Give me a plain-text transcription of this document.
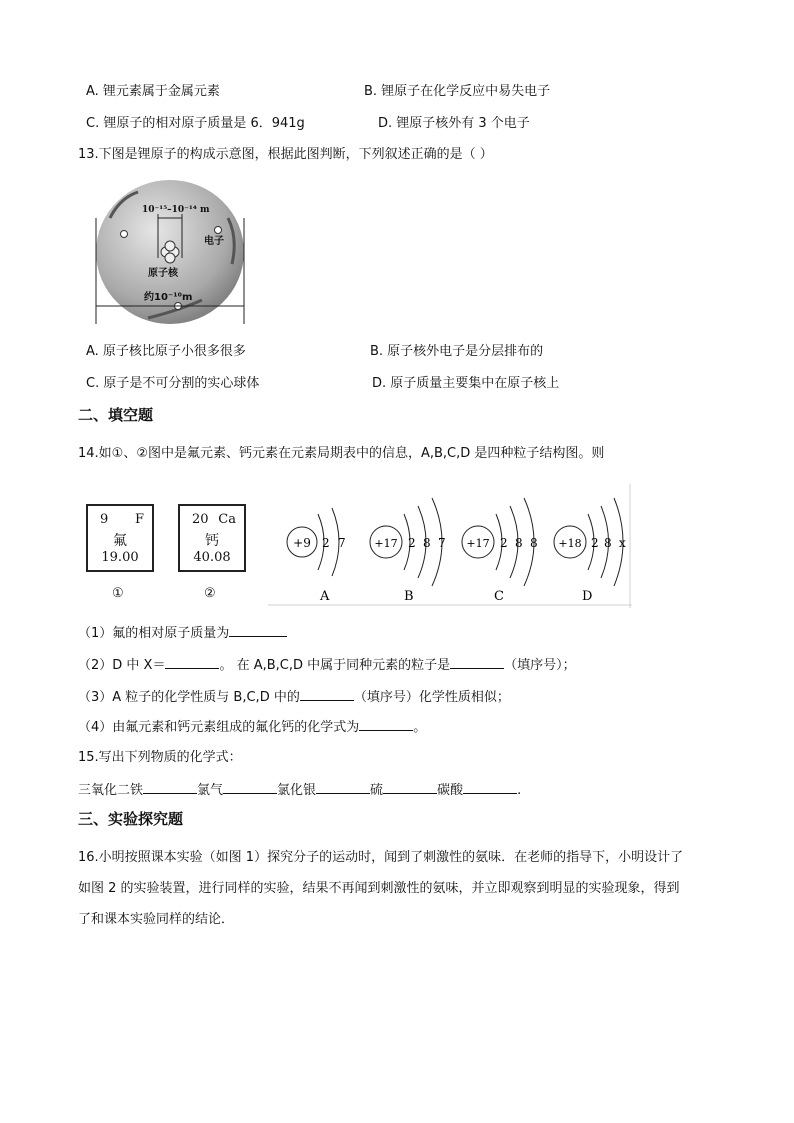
A. 锂元素属于金属元素	B. 锂原子在化学反应中易失电子
C. 锂原子的相对原子质量是 6．941g	D. 锂原子核外有 3 个电子
13.下图是锂原子的构成示意图，根据此图判断，下列叙述正确的是（ ）
10⁻¹⁵–10⁻¹⁴ m
电子
原子核
约10⁻¹⁰m
A. 原子核比原子小很多很多	B. 原子核外电子是分层排布的
C. 原子是不可分割的实心球体	D. 原子质量主要集中在原子核上
二、填空题
14.如①、②图中是氟元素、钙元素在元素局期表中的信息，A,B,C,D 是四种粒子结构图。则
9 F
氟
19.00
①
20 Ca
钙
40.08
②
+9 2 7
A
+17 2 8 7
B
+17 2 8 8
C
+18 2 8 x
D
（1）氟的相对原子质量为
（2）D 中 X＝	。 在 A,B,C,D 中属于同种元素的粒子是	（填序号）；
（3）A 粒子的化学性质与 B,C,D 中的	（填序号）化学性质相似；
（4）由氟元素和钙元素组成的氟化钙的化学式为	。
15.写出下列物质的化学式：
三氧化二铁	氯气	氯化银	硫	碳酸	.
三、实验探究题
16.小明按照课本实验（如图 1）探究分子的运动时，闻到了刺激性的氨味．在老师的指导下，小明设计了
如图 2 的实验装置，进行同样的实验，结果不再闻到刺激性的氨味，并立即观察到明显的实验现象，得到
了和课本实验同样的结论．
